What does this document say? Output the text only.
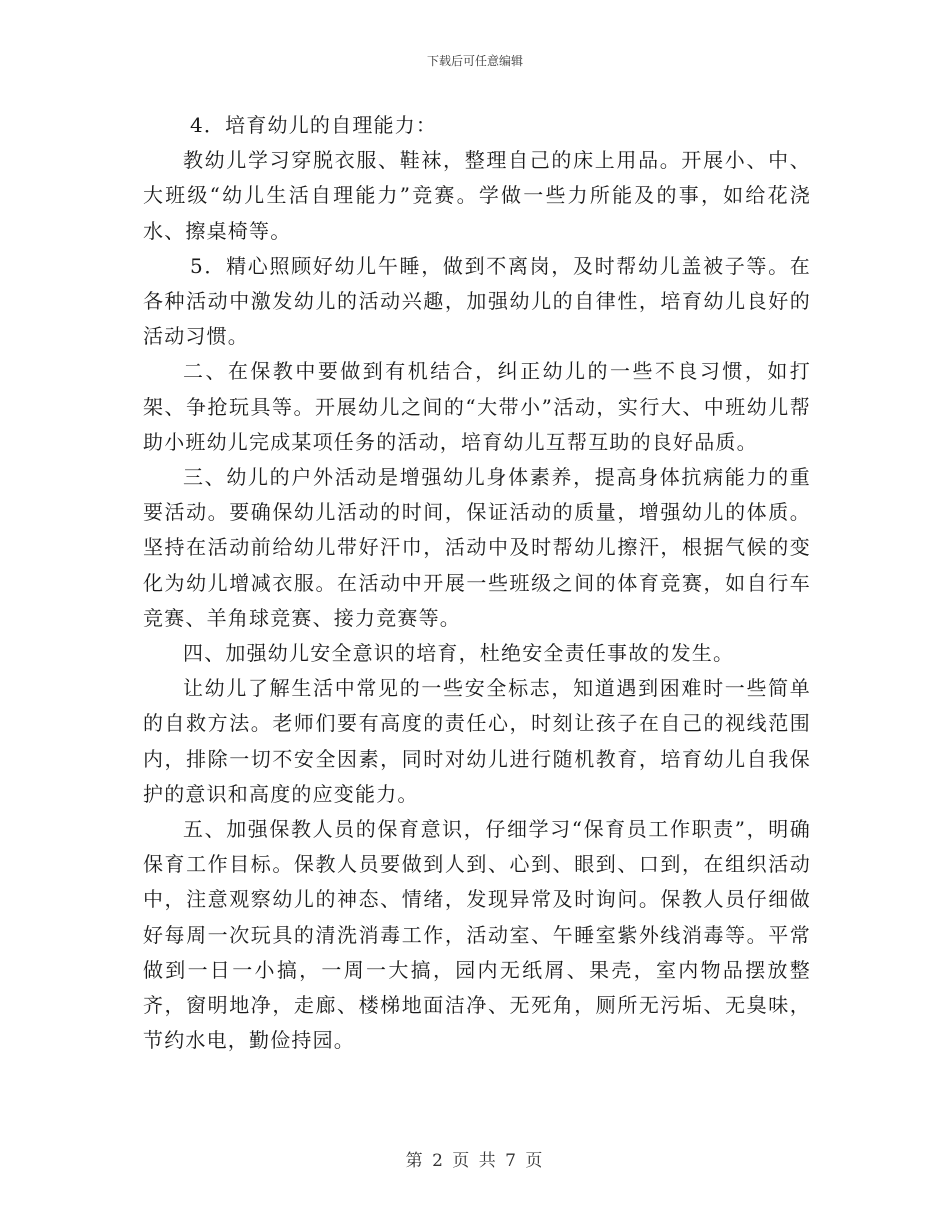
下载后可任意编辑

4．培育幼儿的自理能力：

教幼儿学习穿脱衣服、鞋袜，整理自己的床上用品。开展小、中、大班级“幼儿生活自理能力”竞赛。学做一些力所能及的事，如给花浇水、擦桌椅等。

5．精心照顾好幼儿午睡，做到不离岗，及时帮幼儿盖被子等。在各种活动中激发幼儿的活动兴趣，加强幼儿的自律性，培育幼儿良好的活动习惯。

二、在保教中要做到有机结合，纠正幼儿的一些不良习惯，如打架、争抢玩具等。开展幼儿之间的“大带小”活动，实行大、中班幼儿帮助小班幼儿完成某项任务的活动，培育幼儿互帮互助的良好品质。

三、幼儿的户外活动是增强幼儿身体素养，提高身体抗病能力的重要活动。要确保幼儿活动的时间，保证活动的质量，增强幼儿的体质。坚持在活动前给幼儿带好汗巾，活动中及时帮幼儿擦汗，根据气候的变化为幼儿增减衣服。在活动中开展一些班级之间的体育竞赛，如自行车竞赛、羊角球竞赛、接力竞赛等。

四、加强幼儿安全意识的培育，杜绝安全责任事故的发生。

让幼儿了解生活中常见的一些安全标志，知道遇到困难时一些简单的自救方法。老师们要有高度的责任心，时刻让孩子在自己的视线范围内，排除一切不安全因素，同时对幼儿进行随机教育，培育幼儿自我保护的意识和高度的应变能力。

五、加强保教人员的保育意识，仔细学习“保育员工作职责”，明确保育工作目标。保教人员要做到人到、心到、眼到、口到，在组织活动中，注意观察幼儿的神态、情绪，发现异常及时询问。保教人员仔细做好每周一次玩具的清洗消毒工作，活动室、午睡室紫外线消毒等。平常做到一日一小搞，一周一大搞，园内无纸屑、果壳，室内物品摆放整齐，窗明地净，走廊、楼梯地面洁净、无死角，厕所无污垢、无臭味，节约水电，勤俭持园。

第 2 页 共 7 页
